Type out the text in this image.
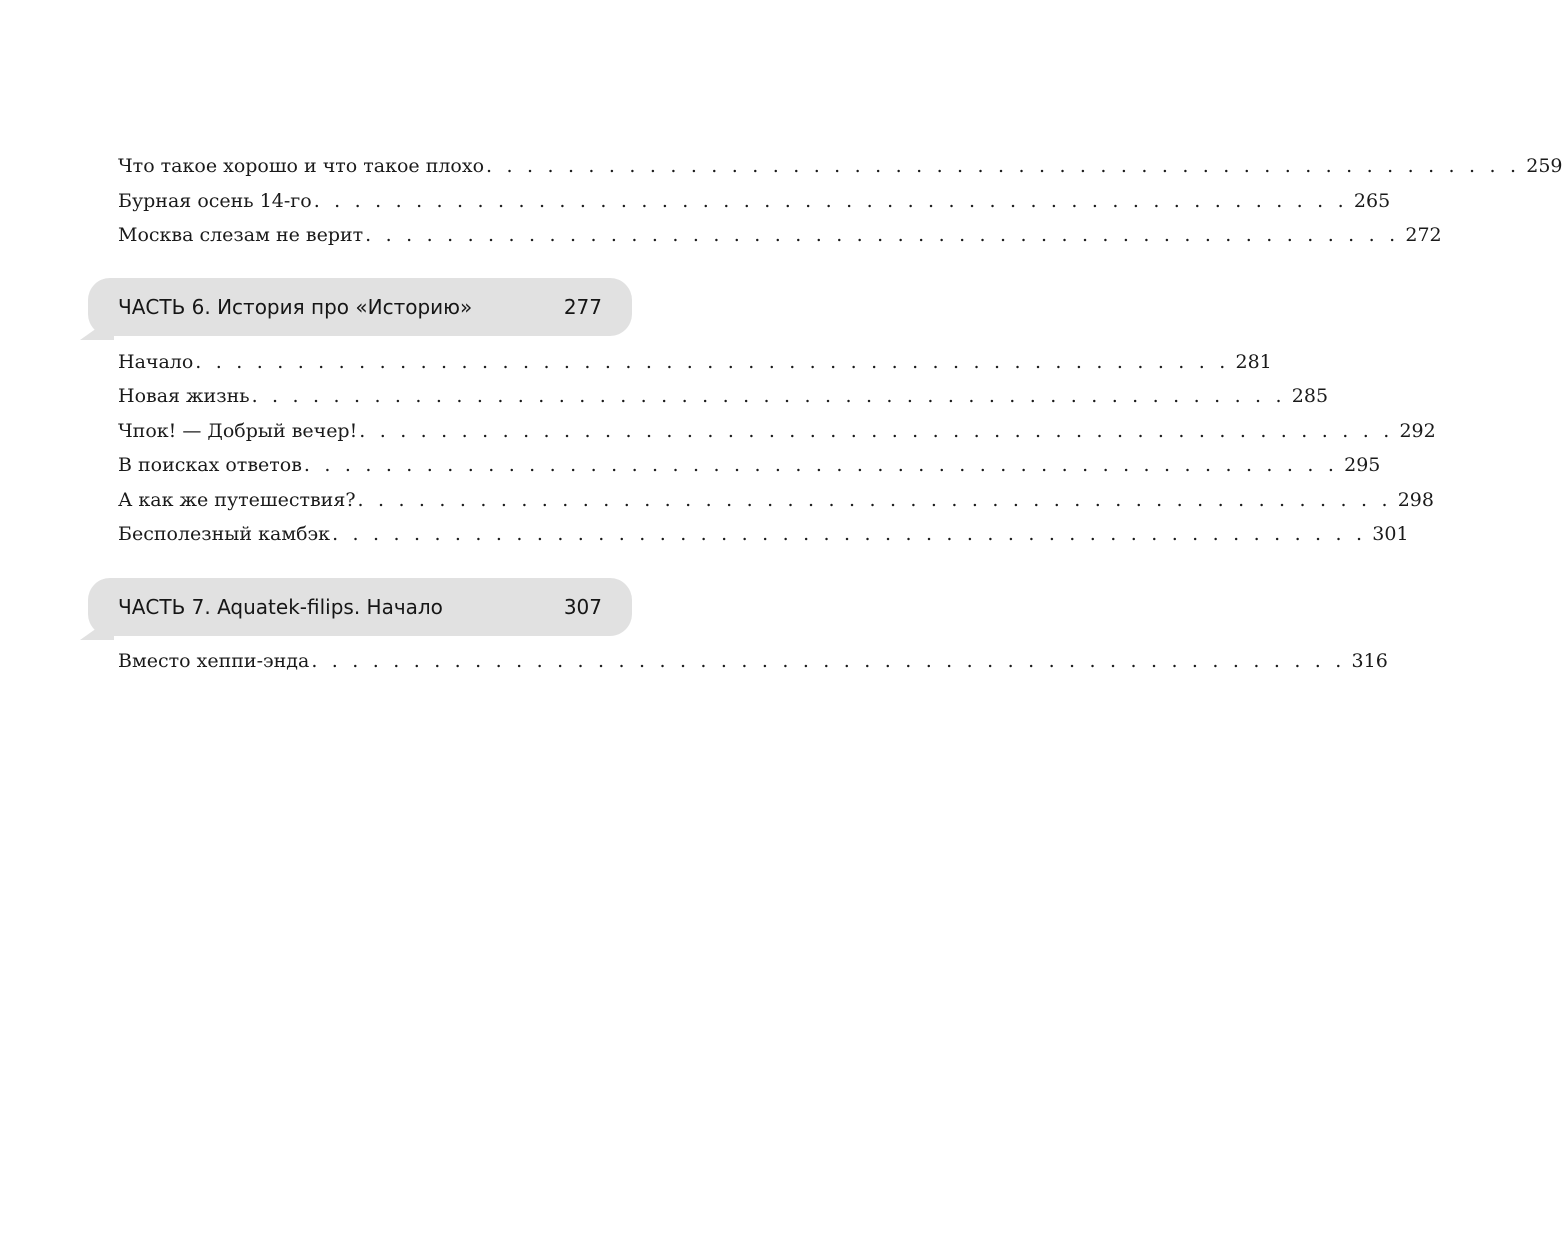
Что такое хорошо и что такое плохо . . . . . . . . . . . . . . . . . . . . . . . . . . . . . . . . . . . . . . . . . . . . . . . . . . . 259
Бурная осень 14-го . . . . . . . . . . . . . . . . . . . . . . . . . . . . . . . . . . . . . . . . . . . . . . . . . . . 265
Москва слезам не верит . . . . . . . . . . . . . . . . . . . . . . . . . . . . . . . . . . . . . . . . . . . . . . . . . . . 272
ЧАСТЬ 6. История про «Историю»	277
Начало . . . . . . . . . . . . . . . . . . . . . . . . . . . . . . . . . . . . . . . . . . . . . . . . . . . 281
Новая жизнь . . . . . . . . . . . . . . . . . . . . . . . . . . . . . . . . . . . . . . . . . . . . . . . . . . . 285
Чпок! — Добрый вечер! . . . . . . . . . . . . . . . . . . . . . . . . . . . . . . . . . . . . . . . . . . . . . . . . . . . 292
В поисках ответов . . . . . . . . . . . . . . . . . . . . . . . . . . . . . . . . . . . . . . . . . . . . . . . . . . . 295
А как же путешествия? . . . . . . . . . . . . . . . . . . . . . . . . . . . . . . . . . . . . . . . . . . . . . . . . . . . 298
Бесполезный камбэк . . . . . . . . . . . . . . . . . . . . . . . . . . . . . . . . . . . . . . . . . . . . . . . . . . . 301
ЧАСТЬ 7. Aquatek-filips. Начало	307
Вместо хеппи-энда . . . . . . . . . . . . . . . . . . . . . . . . . . . . . . . . . . . . . . . . . . . . . . . . . . . 316
